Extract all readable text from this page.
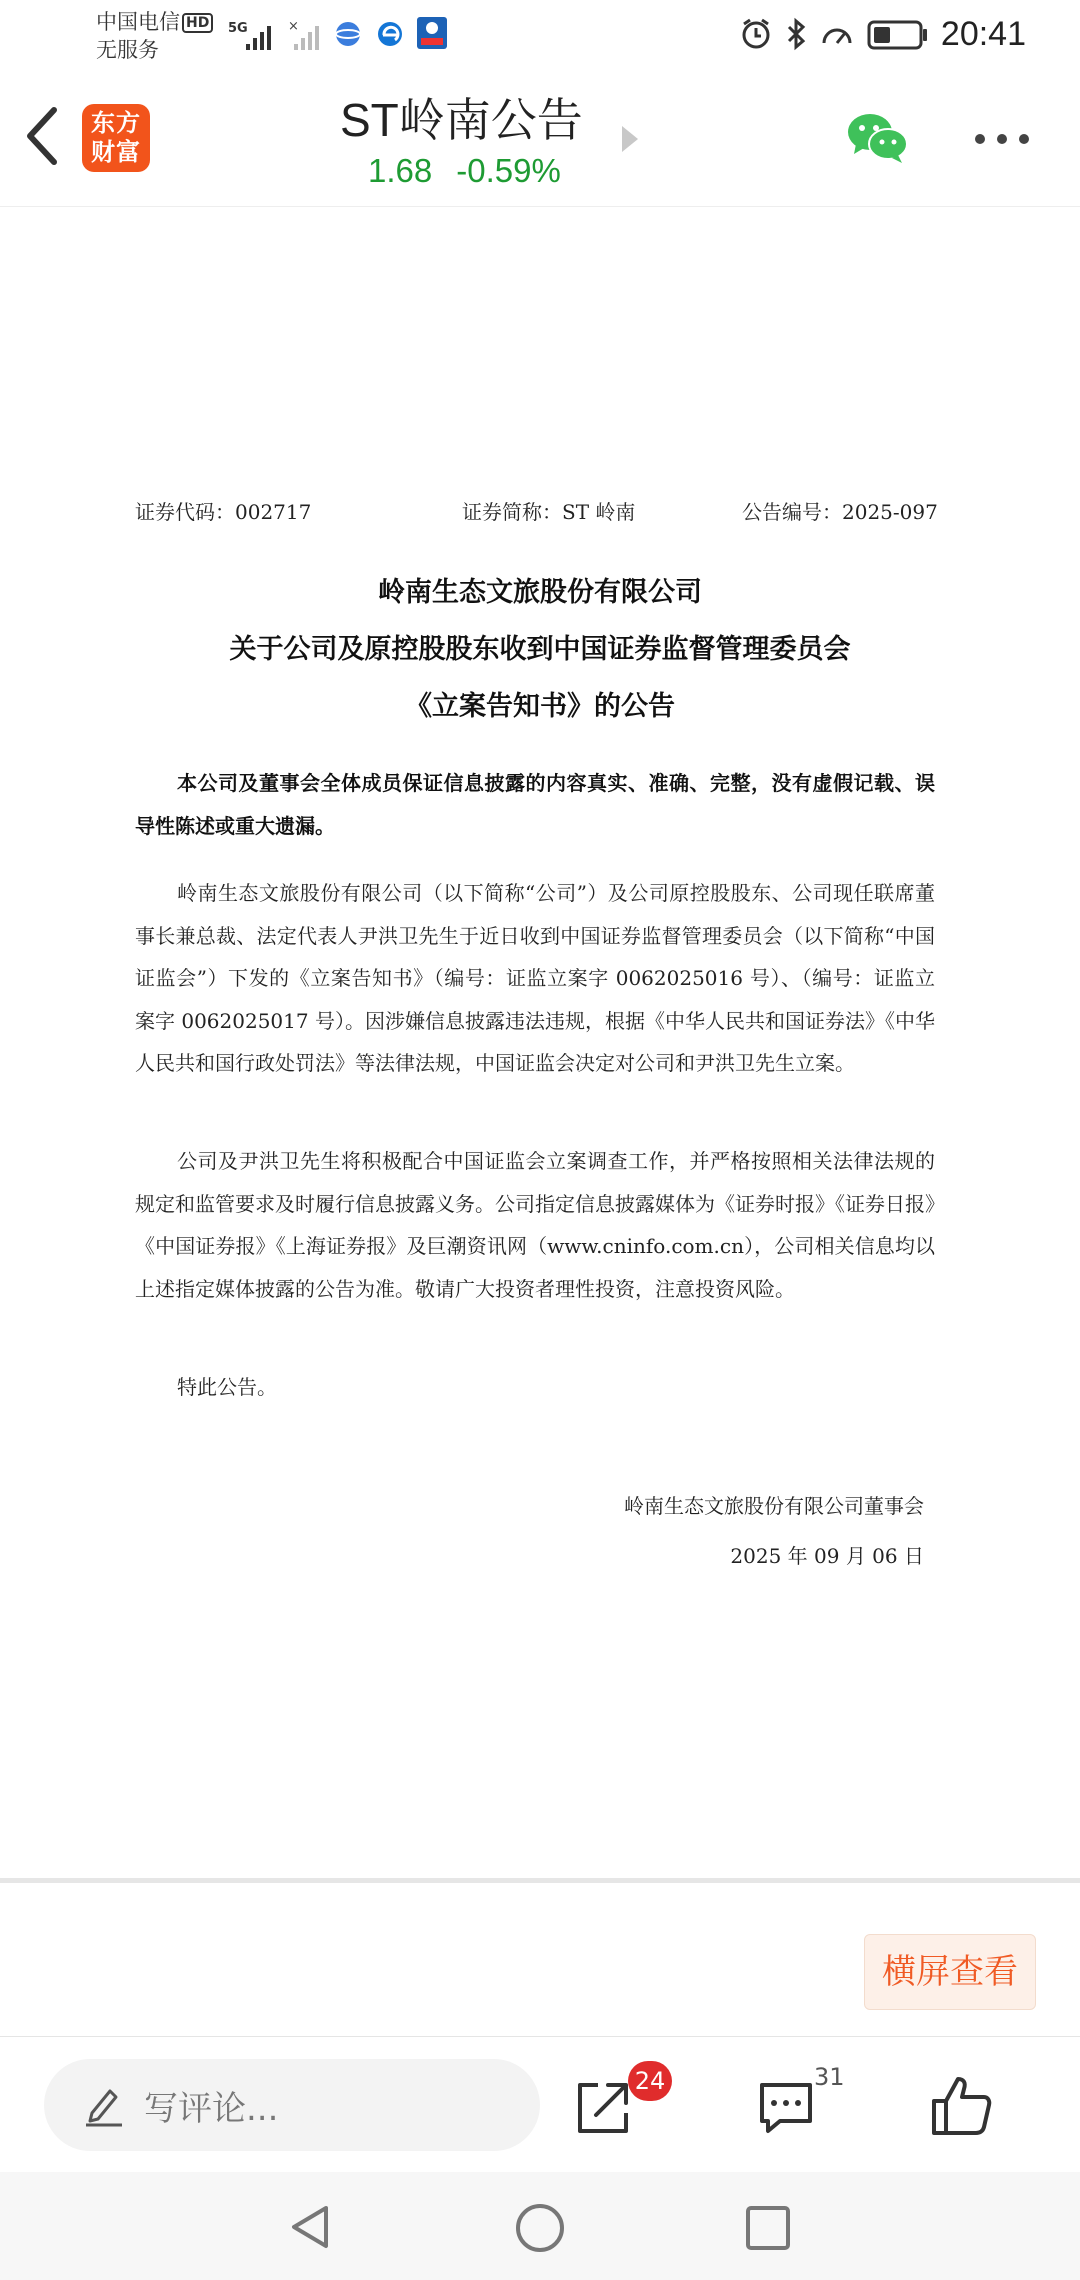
中国电信 HD
无服务
5G	×	20:41
东方
财富
ST岭南公告
1.68 -0.59%
证券代码：002717	证券简称：ST 岭南	公告编号：2025-097
岭南生态文旅股份有限公司
关于公司及原控股股东收到中国证券监督管理委员会
《立案告知书》的公告
本公司及董事会全体成员保证信息披露的内容真实、准确、完整，没有虚假记载、误导性陈述或重大遗漏。
岭南生态文旅股份有限公司（以下简称“公司”）及公司原控股股东、公司现任联席董事长兼总裁、法定代表人尹洪卫先生于近日收到中国证券监督管理委员会（以下简称“中国证监会”）下发的《立案告知书》（编号：证监立案字 0062025016 号）、（编号：证监立案字 0062025017 号）。因涉嫌信息披露违法违规，根据《中华人民共和国证券法》《中华人民共和国行政处罚法》等法律法规，中国证监会决定对公司和尹洪卫先生立案。
公司及尹洪卫先生将积极配合中国证监会立案调查工作，并严格按照相关法律法规的规定和监管要求及时履行信息披露义务。公司指定信息披露媒体为《证券时报》《证券日报》《中国证券报》《上海证券报》及巨潮资讯网（www.cninfo.com.cn），公司相关信息均以上述指定媒体披露的公告为准。敬请广大投资者理性投资，注意投资风险。
特此公告。
岭南生态文旅股份有限公司董事会
2025 年 09 月 06 日
横屏查看
写评论...
24	31
